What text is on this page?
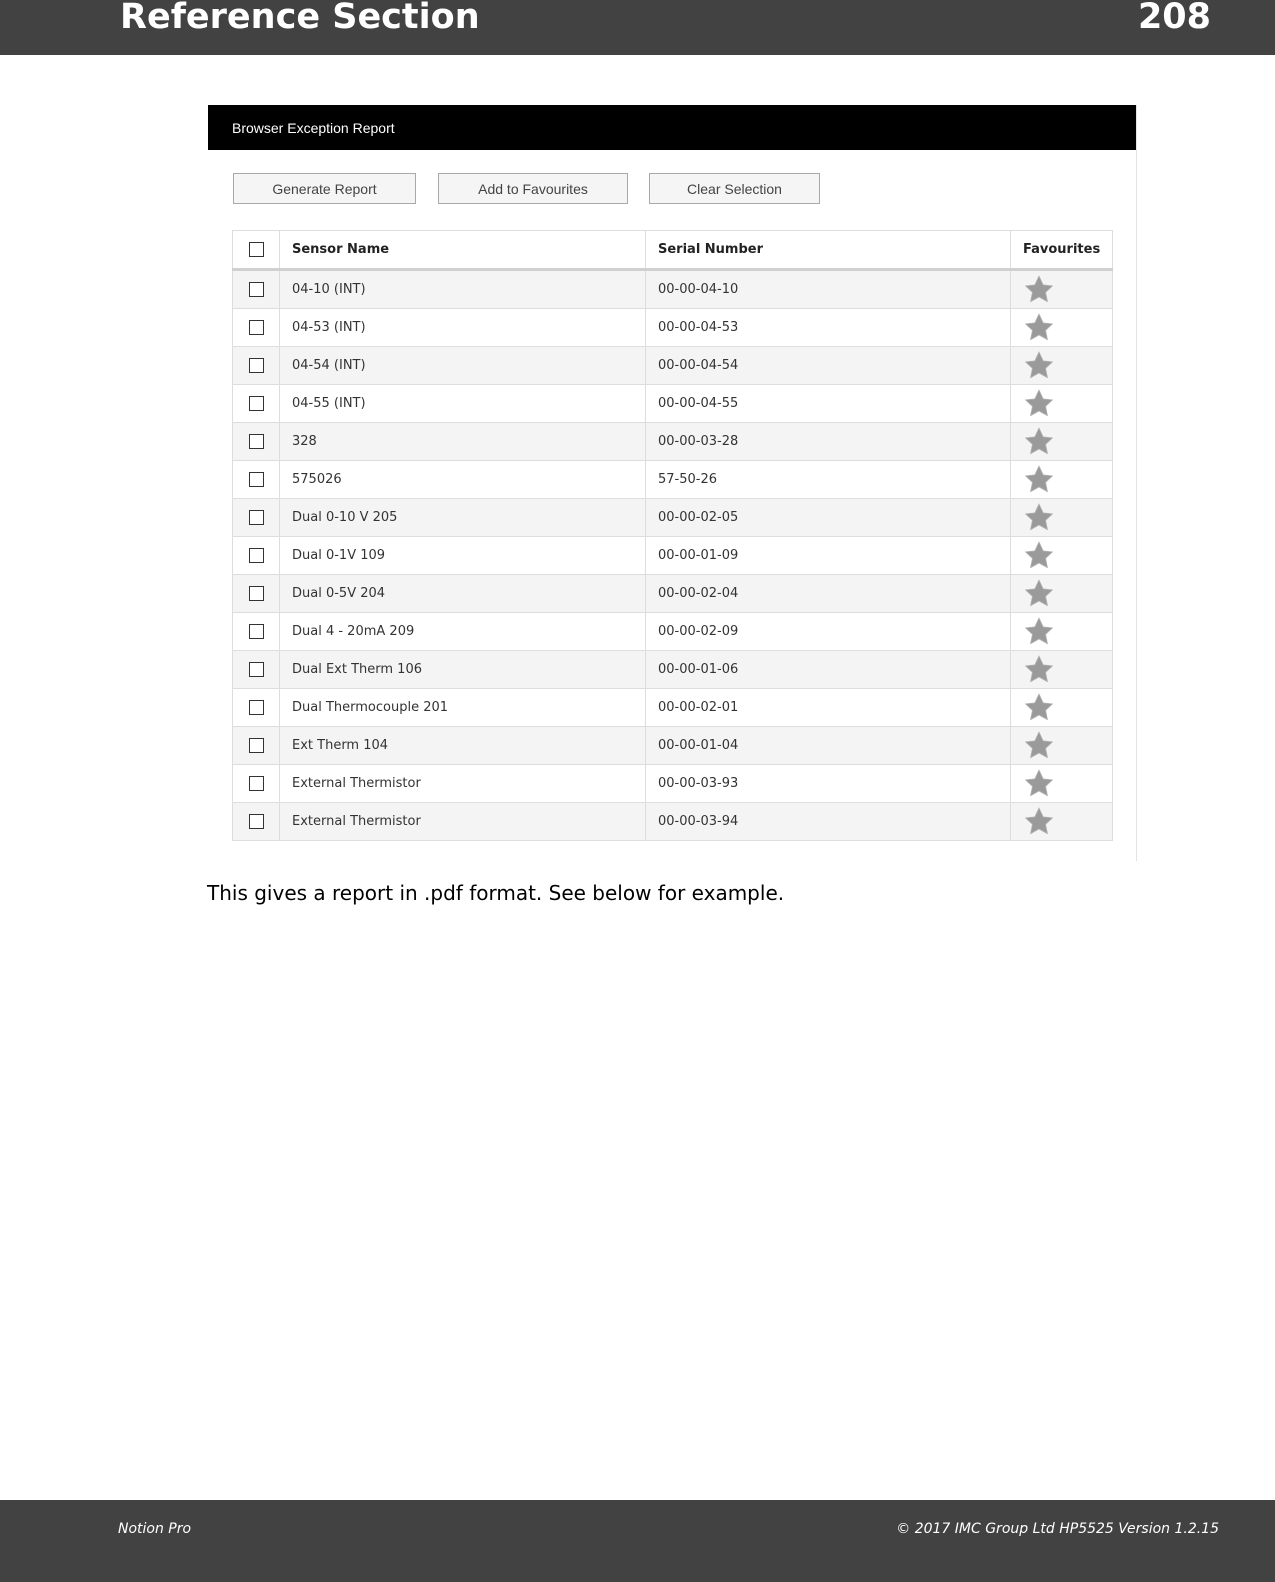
Reference Section	208
Browser Exception Report
Generate Report	Add to Favourites	Clear Selection
	Sensor Name	Serial Number	Favourites
	04-10 (INT)	00-00-04-10	
	04-53 (INT)	00-00-04-53	
	04-54 (INT)	00-00-04-54	
	04-55 (INT)	00-00-04-55	
	328	00-00-03-28	
	575026	57-50-26	
	Dual 0-10 V 205	00-00-02-05	
	Dual 0-1V 109	00-00-01-09	
	Dual 0-5V 204	00-00-02-04	
	Dual 4 - 20mA 209	00-00-02-09	
	Dual Ext Therm 106	00-00-01-06	
	Dual Thermocouple 201	00-00-02-01	
	Ext Therm 104	00-00-01-04	
	External Thermistor	00-00-03-93	
	External Thermistor	00-00-03-94	
This gives a report in .pdf format. See below for example.
Notion Pro	© 2017 IMC Group Ltd HP5525 Version 1.2.15
